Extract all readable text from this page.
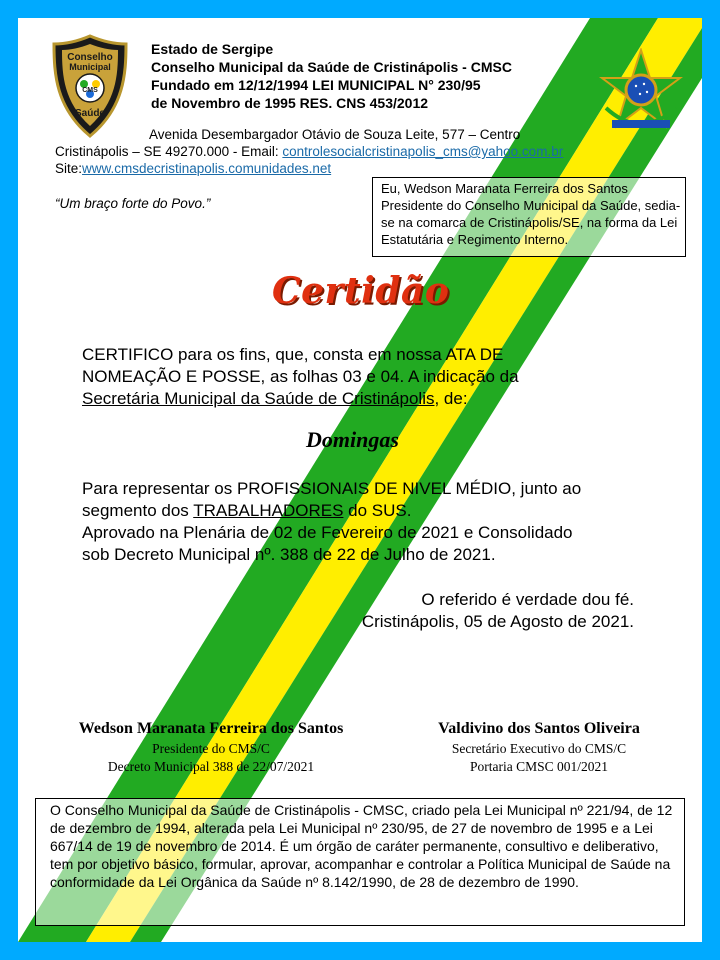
Conselho
Municipal
CMS
Saúde
Estado de Sergipe
Conselho Municipal da Saúde de Cristinápolis - CMSC
Fundado em 12/12/1994 LEI MUNICIPAL N° 230/95
de Novembro de 1995 RES. CNS 453/2012
Avenida Desembargador Otávio de Souza Leite, 577 – Centro
Cristinápolis – SE 49270.000 - Email: controlesocialcristinapolis_cms@yahoo.com.br
Site:www.cmsdecristinapolis.comunidades.net
“Um braço forte do Povo.”
Eu, Wedson Maranata Ferreira dos Santos Presidente do Conselho Municipal da Saúde, sedia-se na comarca de Cristinápolis/SE, na forma da Lei Estatutária e Regimento Interno.
Certidão
CERTIFICO para os fins, que, consta em nossa ATA DE
NOMEAÇÃO E POSSE, as folhas 03 e 04. A indicação da
Secretária Municipal da Saúde de Cristinápolis, de:
Domingas
Para representar os PROFISSIONAIS DE NIVEL MÉDIO, junto ao
segmento dos TRABALHADORES do SUS.
Aprovado na Plenária de 02 de Fevereiro de 2021 e Consolidado
sob Decreto Municipal nº. 388 de 22 de Julho de 2021.
O referido é verdade dou fé.
Cristinápolis, 05 de Agosto de 2021.
Wedson Maranata Ferreira dos Santos
Presidente do CMS/C
Decreto Municipal 388 de 22/07/2021
Valdivino dos Santos Oliveira
Secretário Executivo do CMS/C
Portaria CMSC 001/2021
O Conselho Municipal da Saúde de Cristinápolis - CMSC, criado pela Lei Municipal nº 221/94, de 12 de dezembro de 1994, alterada pela Lei Municipal nº 230/95, de 27 de novembro de 1995 e a Lei 667/14 de 19 de novembro de 2014. É um órgão de caráter permanente, consultivo e deliberativo, tem por objetivo básico, formular, aprovar, acompanhar e controlar a Política Municipal de Saúde na conformidade da Lei Orgânica da Saúde nº 8.142/1990, de 28 de dezembro de 1990.
